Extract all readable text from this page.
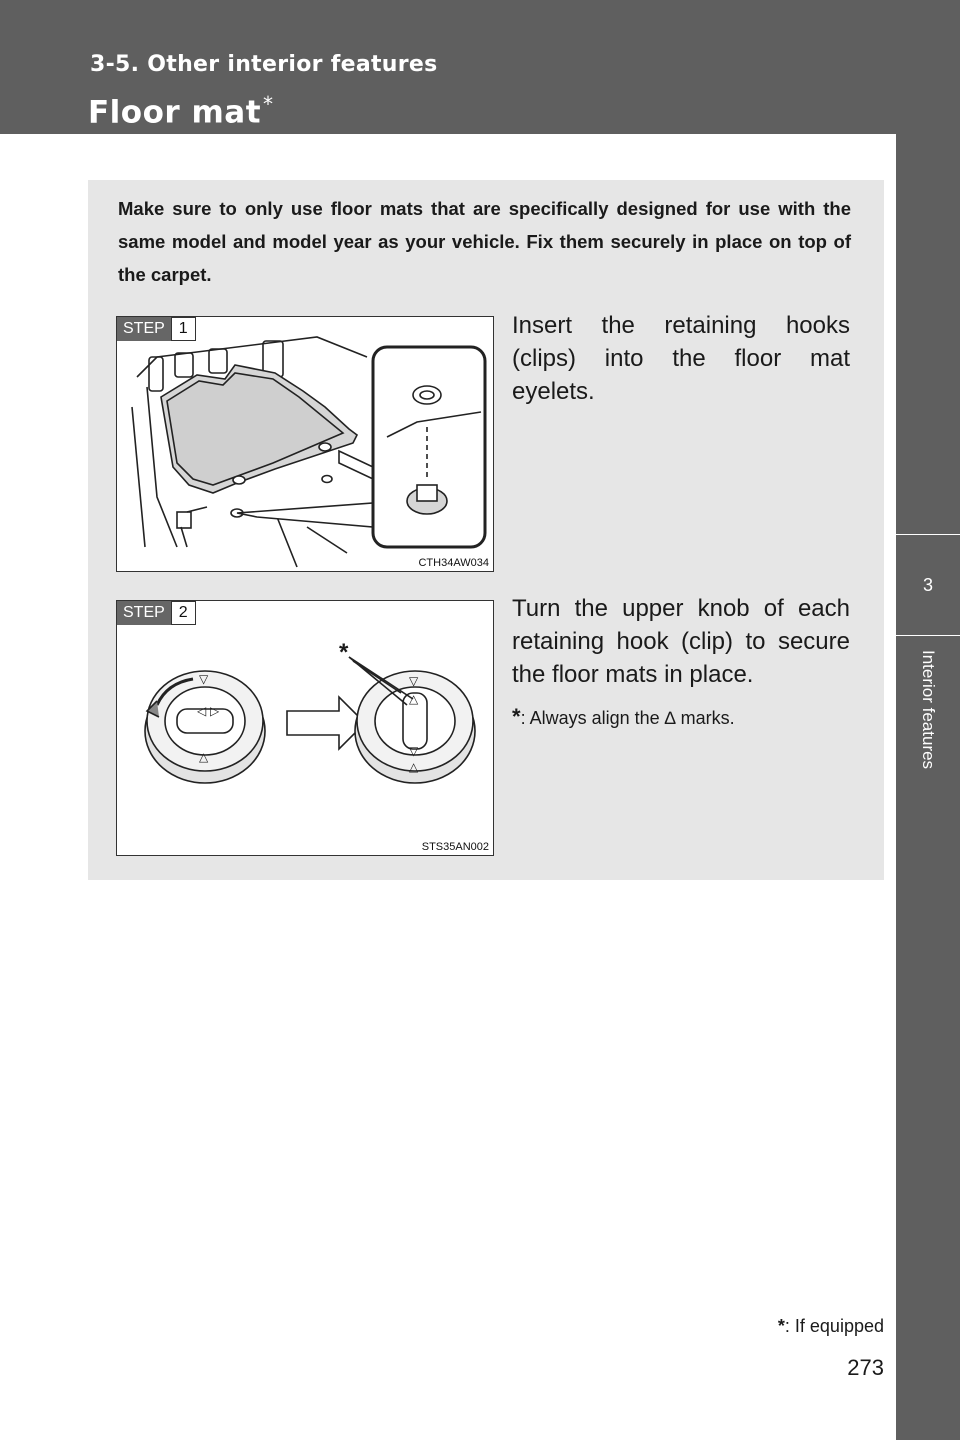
3-5. Other interior features
Floor mat *
3
Interior features

Make sure to only use floor mats that are specifically designed for use with the same model and model year as your vehicle. Fix them securely in place on top of the carpet.

STEP 1
CTH34AW034

Insert the retaining hooks (clips) into the floor mat eyelets.

◁ ▷
▽
△
▽
△
▽
△
*
STEP 2
STS35AN002

Turn the upper knob of each retaining hook (clip) to secure the floor mats in place.

*: Always align the ∆ marks.

*: If equipped
273
